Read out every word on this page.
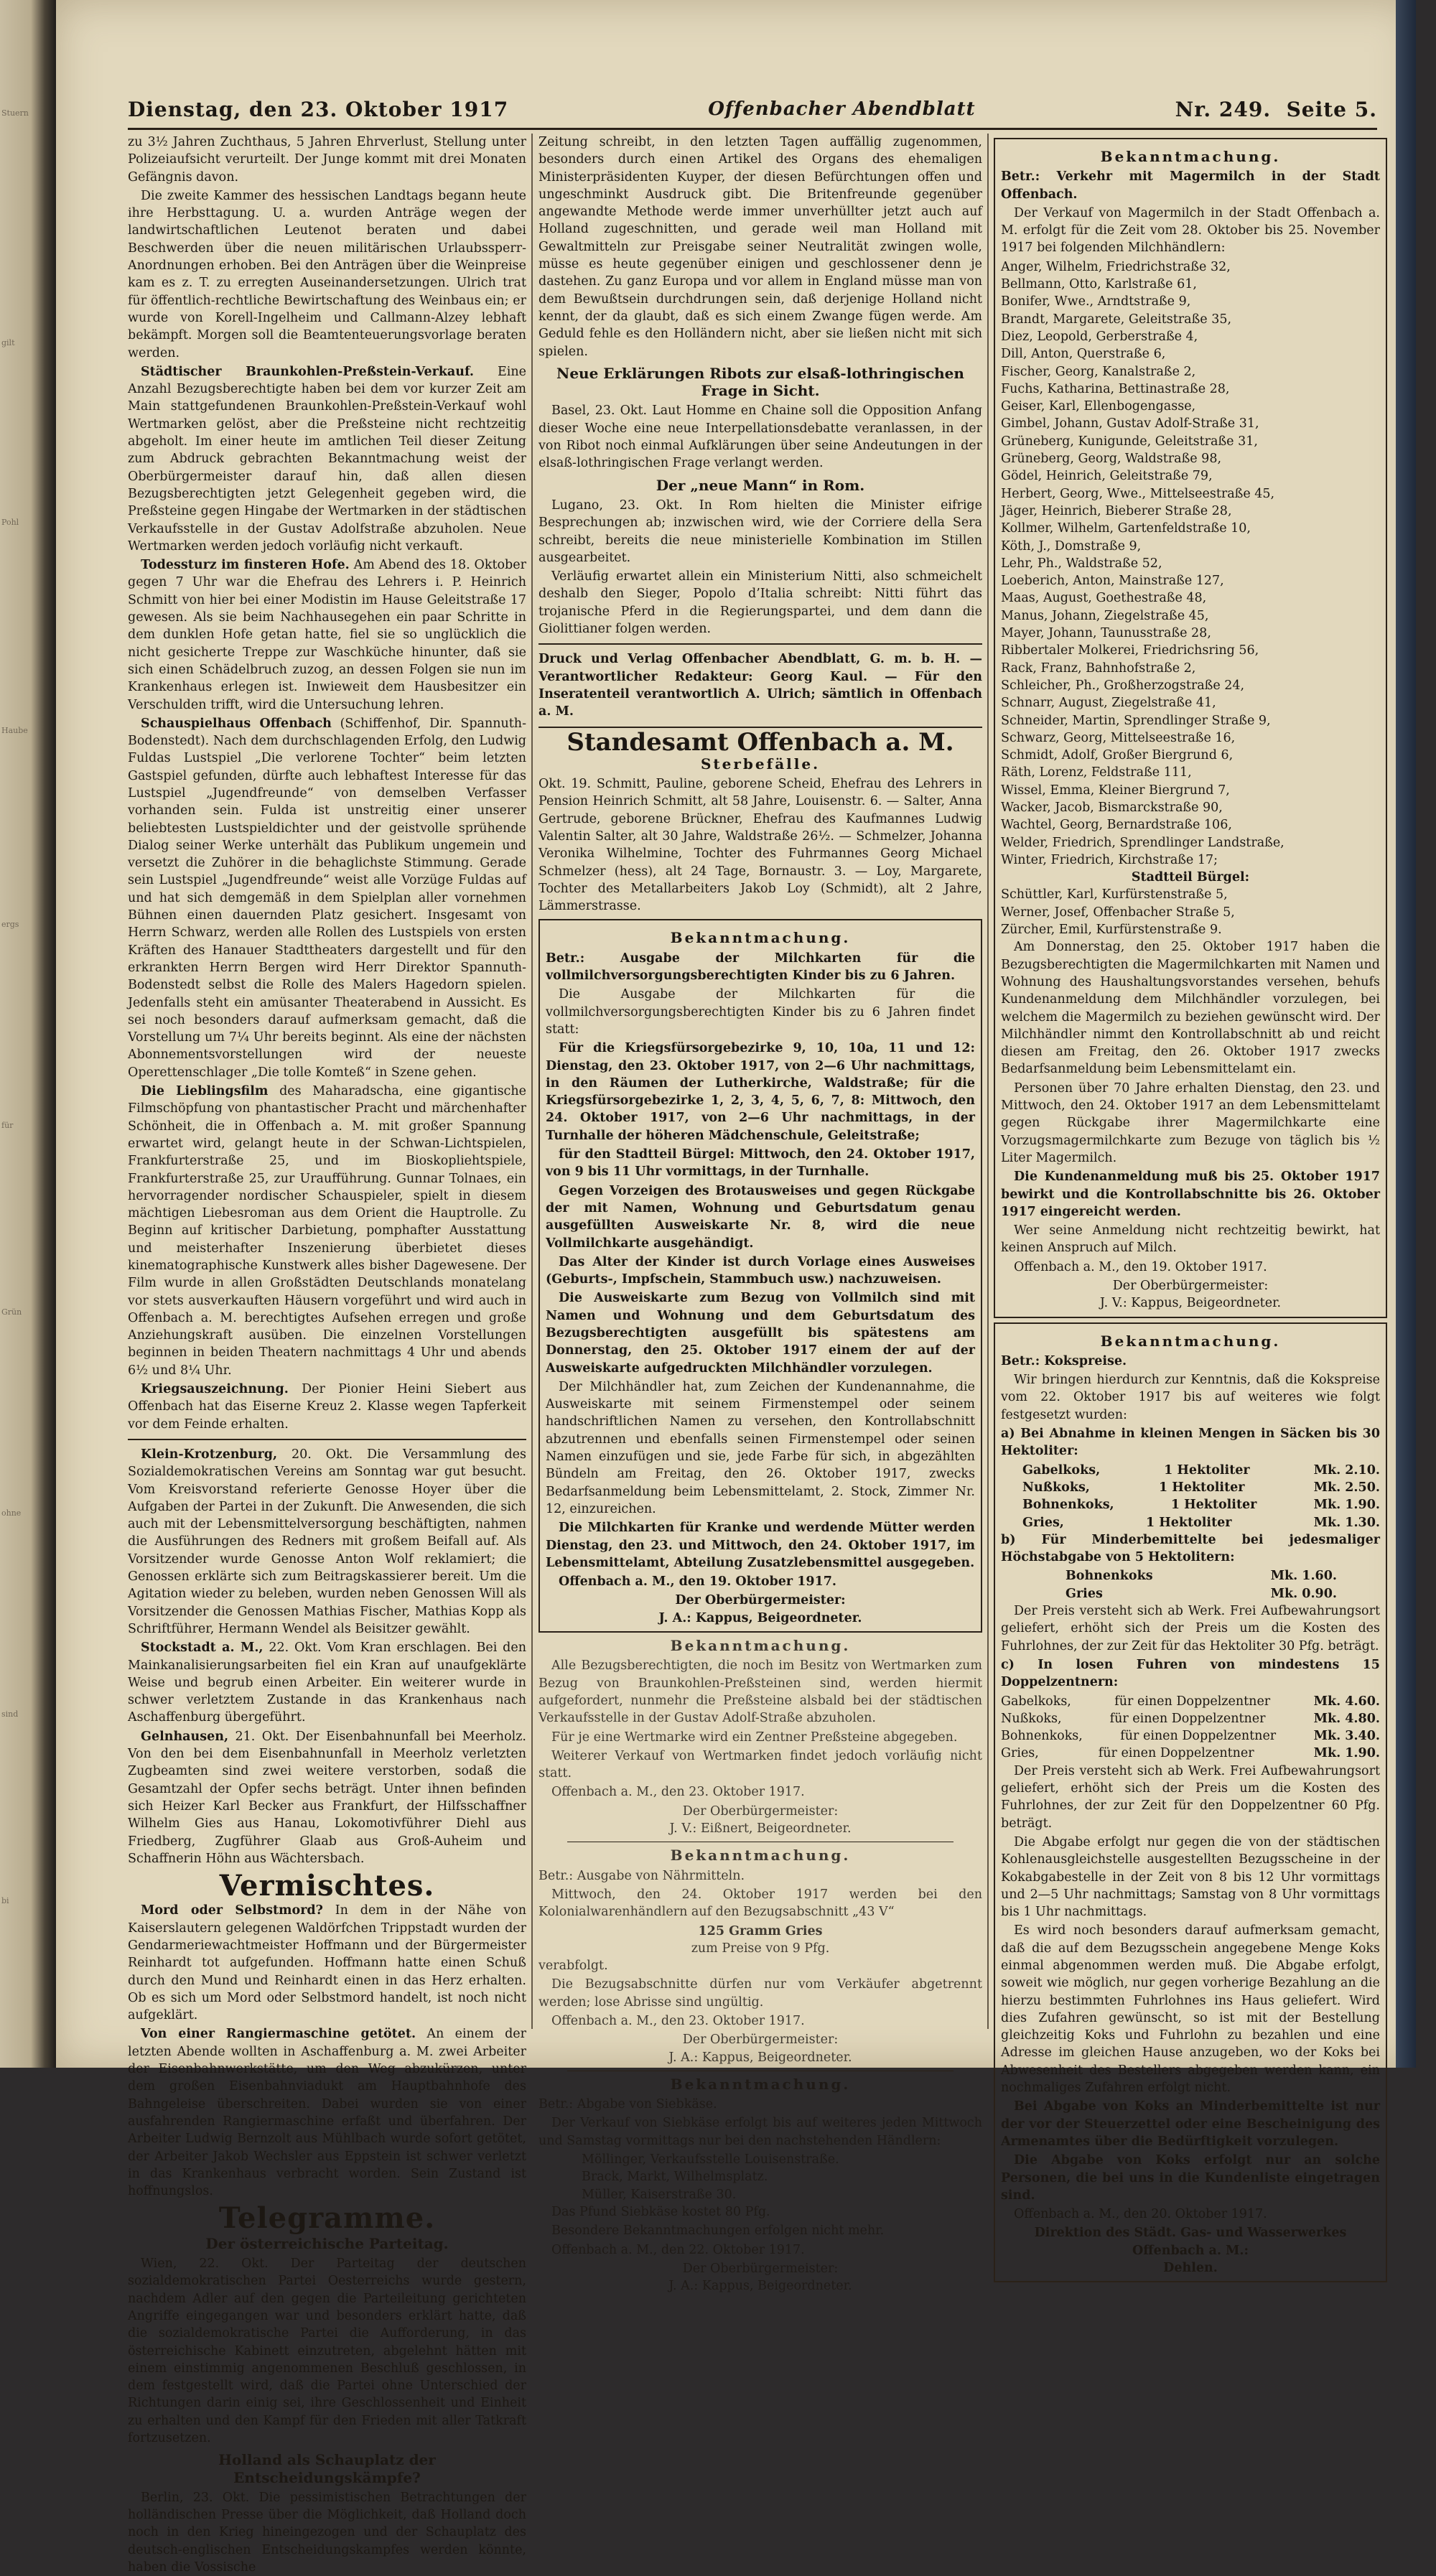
Stuern
gilt
Pohl
Haube
ergs
für
Grün
ohne
sind
bi
Dienstag, den 23. Oktober 1917	Offenbacher Abendblatt	Nr. 249. Seite 5.

zu 3½ Jahren Zuchthaus, 5 Jahren Ehrverlust, Stellung unter Polizeiaufsicht verurteilt. Der Junge kommt mit drei Monaten Gefängnis davon.

Die zweite Kammer des hessischen Landtags begann heute ihre Herbsttagung. U. a. wurden Anträge wegen der landwirtschaftlichen Leutenot beraten und dabei Beschwerden über die neuen militärischen Urlaubssperr-Anordnungen erhoben. Bei den Anträgen über die Weinpreise kam es z. T. zu erregten Auseinandersetzungen. Ulrich trat für öffentlich-rechtliche Bewirtschaftung des Weinbaus ein; er wurde von Korell-Ingelheim und Callmann-Alzey lebhaft bekämpft. Morgen soll die Beamtenteuerungsvorlage beraten werden.

Städtischer Braunkohlen-Preßstein-Verkauf. Eine Anzahl Bezugsberechtigte haben bei dem vor kurzer Zeit am Main stattgefundenen Braunkohlen-Preßstein-Verkauf wohl Wertmarken gelöst, aber die Preßsteine nicht rechtzeitig abgeholt. Im einer heute im amtlichen Teil dieser Zeitung zum Abdruck gebrachten Bekanntmachung weist der Oberbürgermeister darauf hin, daß allen diesen Bezugsberechtigten jetzt Gelegenheit gegeben wird, die Preßsteine gegen Hingabe der Wertmarken in der städtischen Verkaufsstelle in der Gustav Adolfstraße abzuholen. Neue Wertmarken werden jedoch vorläufig nicht verkauft.

Todessturz im finsteren Hofe. Am Abend des 18. Oktober gegen 7 Uhr war die Ehefrau des Lehrers i. P. Heinrich Schmitt von hier bei einer Modistin im Hause Geleitstraße 17 gewesen. Als sie beim Nachhausegehen ein paar Schritte in dem dunklen Hofe getan hatte, fiel sie so unglücklich die nicht gesicherte Treppe zur Waschküche hinunter, daß sie sich einen Schädelbruch zuzog, an dessen Folgen sie nun im Krankenhaus erlegen ist. Inwieweit dem Hausbesitzer ein Verschulden trifft, wird die Untersuchung lehren.

Schauspielhaus Offenbach (Schiffenhof, Dir. Spannuth-Bodenstedt). Nach dem durchschlagenden Erfolg, den Ludwig Fuldas Lustspiel „Die verlorene Tochter“ beim letzten Gastspiel gefunden, dürfte auch lebhaftest Interesse für das Lustspiel „Jugendfreunde“ von demselben Verfasser vorhanden sein. Fulda ist unstreitig einer unserer beliebtesten Lustspieldichter und der geistvolle sprühende Dialog seiner Werke unterhält das Publikum ungemein und versetzt die Zuhörer in die behaglichste Stimmung. Gerade sein Lustspiel „Jugendfreunde“ weist alle Vorzüge Fuldas auf und hat sich demgemäß in dem Spielplan aller vornehmen Bühnen einen dauernden Platz gesichert. Insgesamt von Herrn Schwarz, werden alle Rollen des Lustspiels von ersten Kräften des Hanauer Stadttheaters dargestellt und für den erkrankten Herrn Bergen wird Herr Direktor Spannuth-Bodenstedt selbst die Rolle des Malers Hagedorn spielen. Jedenfalls steht ein amüsanter Theaterabend in Aussicht. Es sei noch besonders darauf aufmerksam gemacht, daß die Vorstellung um 7¼ Uhr bereits beginnt. Als eine der nächsten Abonnementsvorstellungen wird der neueste Operettenschlager „Die tolle Komteß“ in Szene gehen.

Die Lieblingsfilm des Maharadscha, eine gigantische Filmschöpfung von phantastischer Pracht und märchenhafter Schönheit, die in Offenbach a. M. mit großer Spannung erwartet wird, gelangt heute in der Schwan-Lichtspielen, Frankfurterstraße 25, und im Bioskopliehtspiele, Frankfurterstraße 25, zur Uraufführung. Gunnar Tolnaes, ein hervorragender nordischer Schauspieler, spielt in diesem mächtigen Liebesroman aus dem Orient die Hauptrolle. Zu Beginn auf kritischer Darbietung, pomphafter Ausstattung und meisterhafter Inszenierung überbietet dieses kinematographische Kunstwerk alles bisher Dagewesene. Der Film wurde in allen Großstädten Deutschlands monatelang vor stets ausverkauften Häusern vorgeführt und wird auch in Offenbach a. M. berechtigtes Aufsehen erregen und große Anziehungskraft ausüben. Die einzelnen Vorstellungen beginnen in beiden Theatern nachmittags 4 Uhr und abends 6½ und 8¼ Uhr.

Kriegsauszeichnung. Der Pionier Heini Siebert aus Offenbach hat das Eiserne Kreuz 2. Klasse wegen Tapferkeit vor dem Feinde erhalten.

Klein-Krotzenburg, 20. Okt. Die Versammlung des Sozialdemokratischen Vereins am Sonntag war gut besucht. Vom Kreisvorstand referierte Genosse Hoyer über die Aufgaben der Partei in der Zukunft. Die Anwesenden, die sich auch mit der Lebensmittelversorgung beschäftigten, nahmen die Ausführungen des Redners mit großem Beifall auf. Als Vorsitzender wurde Genosse Anton Wolf reklamiert; die Genossen erklärte sich zum Beitragskassierer bereit. Um die Agitation wieder zu beleben, wurden neben Genossen Will als Vorsitzender die Genossen Mathias Fischer, Mathias Kopp als Schriftführer, Hermann Wendel als Beisitzer gewählt.

Stockstadt a. M., 22. Okt. Vom Kran erschlagen. Bei den Mainkanalisierungsarbeiten fiel ein Kran auf unaufgeklärte Weise und begrub einen Arbeiter. Ein weiterer wurde in schwer verletztem Zustande in das Krankenhaus nach Aschaffenburg übergeführt.

Gelnhausen, 21. Okt. Der Eisenbahnunfall bei Meerholz. Von den bei dem Eisenbahnunfall in Meerholz verletzten Zugbeamten sind zwei weitere verstorben, sodaß die Gesamtzahl der Opfer sechs beträgt. Unter ihnen befinden sich Heizer Karl Becker aus Frankfurt, der Hilfsschaffner Wilhelm Gies aus Hanau, Lokomotivführer Diehl aus Friedberg, Zugführer Glaab aus Groß-Auheim und Schaffnerin Höhn aus Wächtersbach.

Vermischtes.

Mord oder Selbstmord? In dem in der Nähe von Kaiserslautern gelegenen Waldörfchen Trippstadt wurden der Gendarmeriewachtmeister Hoffmann und der Bürgermeister Reinhardt tot aufgefunden. Hoffmann hatte einen Schuß durch den Mund und Reinhardt einen in das Herz erhalten. Ob es sich um Mord oder Selbstmord handelt, ist noch nicht aufgeklärt.

Von einer Rangiermaschine getötet. An einem der letzten Abende wollten in Aschaffenburg a. M. zwei Arbeiter der Eisenbahnwerkstätte, um den Weg abzukürzen, unter dem großen Eisenbahnviadukt am Hauptbahnhofe des Bahngeleise überschreiten. Dabei wurden sie von einer ausfahrenden Rangiermaschine erfaßt und überfahren. Der Arbeiter Ludwig Bernzolt aus Mühlbach wurde sofort getötet, der Arbeiter Jakob Wechsler aus Eppstein ist schwer verletzt in das Krankenhaus verbracht worden. Sein Zustand ist hoffnungslos.

Telegramme.
Der österreichische Parteitag.

Wien, 22. Okt. Der Parteitag der deutschen sozialdemokratischen Partei Oesterreichs wurde gestern, nachdem Adler auf den gegen die Parteileitung gerichteten Angriffe eingegangen war und besonders erklärt hatte, daß die sozialdemokratische Partei die Aufforderung, in das österreichische Kabinett einzutreten, abgelehnt hätten mit einem einstimmig angenommenen Beschluß geschlossen, in dem festgestellt wird, daß die Partei ohne Unterschied der Richtungen darin einig sei, ihre Geschlossenheit und Einheit zu erhalten und den Kampf für den Frieden mit aller Tatkraft fortzusetzen.

Holland als Schauplatz der Entscheidungskämpfe?

Berlin, 23. Okt. Die pessimistischen Betrachtungen der holländischen Presse über die Möglichkeit, daß Holland doch noch in den Krieg hineingezogen und der Schauplatz des deutsch-englischen Entscheidungskampfes werden könnte, haben die Vossische

Zeitung schreibt, in den letzten Tagen auffällig zugenommen, besonders durch einen Artikel des Organs des ehemaligen Ministerpräsidenten Kuyper, der diesen Befürchtungen offen und ungeschminkt Ausdruck gibt. Die Britenfreunde gegenüber angewandte Methode werde immer unverhüllter jetzt auch auf Holland zugeschnitten, und gerade weil man Holland mit Gewaltmitteln zur Preisgabe seiner Neutralität zwingen wolle, müsse es heute gegenüber einigen und geschlossener denn je dastehen. Zu ganz Europa und vor allem in England müsse man von dem Bewußtsein durchdrungen sein, daß derjenige Holland nicht kennt, der da glaubt, daß es sich einem Zwange fügen werde. Am Geduld fehle es den Holländern nicht, aber sie ließen nicht mit sich spielen.

Neue Erklärungen Ribots zur elsaß-lothringischen Frage in Sicht.

Basel, 23. Okt. Laut Homme en Chaine soll die Opposition Anfang dieser Woche eine neue Interpellationsdebatte veranlassen, in der von Ribot noch einmal Aufklärungen über seine Andeutungen in der elsaß-lothringischen Frage verlangt werden.

Der „neue Mann“ in Rom.

Lugano, 23. Okt. In Rom hielten die Minister eifrige Besprechungen ab; inzwischen wird, wie der Corriere della Sera schreibt, bereits die neue ministerielle Kombination im Stillen ausgearbeitet.

Verläufig erwartet allein ein Ministerium Nitti, also schmeichelt deshalb den Sieger, Popolo d’Italia schreibt: Nitti führt das trojanische Pferd in die Regierungspartei, und dem dann die Giolittianer folgen werden.

Druck und Verlag Offenbacher Abendblatt, G. m. b. H. — Verantwortlicher Redakteur: Georg Kaul. — Für den Inseratenteil verantwortlich A. Ulrich; sämtlich in Offenbach a. M.

Standesamt Offenbach a. M.
Sterbefälle.

Okt. 19. Schmitt, Pauline, geborene Scheid, Ehefrau des Lehrers in Pension Heinrich Schmitt, alt 58 Jahre, Louisenstr. 6. — Salter, Anna Gertrude, geborene Brückner, Ehefrau des Kaufmannes Ludwig Valentin Salter, alt 30 Jahre, Waldstraße 26½. — Schmelzer, Johanna Veronika Wilhelmine, Tochter des Fuhrmannes Georg Michael Schmelzer (hess), alt 24 Tage, Bornaustr. 3. — Loy, Margarete, Tochter des Metallarbeiters Jakob Loy (Schmidt), alt 2 Jahre, Lämmerstrasse.

Bekanntmachung.

Betr.: Ausgabe der Milchkarten für die vollmilchversorgungsberechtigten Kinder bis zu 6 Jahren.

Die Ausgabe der Milchkarten für die vollmilchversorgungsberechtigten Kinder bis zu 6 Jahren findet statt:

Für die Kriegsfürsorgebezirke 9, 10, 10a, 11 und 12: Dienstag, den 23. Oktober 1917, von 2—6 Uhr nachmittags, in den Räumen der Lutherkirche, Waldstraße; für die Kriegsfürsorgebezirke 1, 2, 3, 4, 5, 6, 7, 8: Mittwoch, den 24. Oktober 1917, von 2—6 Uhr nachmittags, in der Turnhalle der höheren Mädchenschule, Geleitstraße;

für den Stadtteil Bürgel: Mittwoch, den 24. Oktober 1917, von 9 bis 11 Uhr vormittags, in der Turnhalle.

Gegen Vorzeigen des Brotausweises und gegen Rückgabe der mit Namen, Wohnung und Geburtsdatum genau ausgefüllten Ausweiskarte Nr. 8, wird die neue Vollmilchkarte ausgehändigt.

Das Alter der Kinder ist durch Vorlage eines Ausweises (Geburts-, Impfschein, Stammbuch usw.) nachzuweisen.

Die Ausweiskarte zum Bezug von Vollmilch sind mit Namen und Wohnung und dem Geburtsdatum des Bezugsberechtigten ausgefüllt bis spätestens am Donnerstag, den 25. Oktober 1917 einem der auf der Ausweiskarte aufgedruckten Milchhändler vorzulegen.

Der Milchhändler hat, zum Zeichen der Kundenannahme, die Ausweiskarte mit seinem Firmenstempel oder seinem handschriftlichen Namen zu versehen, den Kontrollabschnitt abzutrennen und ebenfalls seinen Firmenstempel oder seinen Namen einzufügen und sie, jede Farbe für sich, in abgezählten Bündeln am Freitag, den 26. Oktober 1917, zwecks Bedarfsanmeldung beim Lebensmittelamt, 2. Stock, Zimmer Nr. 12, einzureichen.

Die Milchkarten für Kranke und werdende Mütter werden Dienstag, den 23. und Mittwoch, den 24. Oktober 1917, im Lebensmittelamt, Abteilung Zusatzlebensmittel ausgegeben.

Offenbach a. M., den 19. Oktober 1917.

Der Oberbürgermeister:
J. A.: Kappus, Beigeordneter.
Bekanntmachung.

Alle Bezugsberechtigten, die noch im Besitz von Wertmarken zum Bezug von Braunkohlen-Preßsteinen sind, werden hiermit aufgefordert, nunmehr die Preßsteine alsbald bei der städtischen Verkaufsstelle in der Gustav Adolf-Straße abzuholen.

Für je eine Wertmarke wird ein Zentner Preßsteine abgegeben.

Weiterer Verkauf von Wertmarken findet jedoch vorläufig nicht statt.

Offenbach a. M., den 23. Oktober 1917.

Der Oberbürgermeister:
J. V.: Eißnert, Beigeordneter.
Bekanntmachung.

Betr.: Ausgabe von Nährmitteln.

Mittwoch, den 24. Oktober 1917 werden bei den Kolonialwarenhändlern auf den Bezugsabschnitt „43 V“

125 Gramm Gries
zum Preise von 9 Pfg.

verabfolgt.

Die Bezugsabschnitte dürfen nur vom Verkäufer abgetrennt werden; lose Abrisse sind ungültig.

Offenbach a. M., den 23. Oktober 1917.

Der Oberbürgermeister:
J. A.: Kappus, Beigeordneter.
Bekanntmachung.

Betr.: Abgabe von Siebkäse.

Der Verkauf von Siebkäse erfolgt bis auf weiteres jeden Mittwoch und Samstag vormittags nur bei den nachstehenden Händlern:

Möllinger, Verkaufsstelle Louisenstraße.
Brack, Markt, Wilhelmsplatz.
Müller, Kaiserstraße 30.

Das Pfund Siebkäse kostet 80 Pfg.

Besondere Bekanntmachungen erfolgen nicht mehr.

Offenbach a. M., den 22. Oktober 1917.

Der Oberbürgermeister:
J. A.: Kappus, Beigeordneter.
Bekanntmachung.

Betr.: Verkehr mit Magermilch in der Stadt Offenbach.

Der Verkauf von Magermilch in der Stadt Offenbach a. M. erfolgt für die Zeit vom 28. Oktober bis 25. November 1917 bei folgenden Milchhändlern:

Anger, Wilhelm, Friedrichstraße 32,
Bellmann, Otto, Karlstraße 61,
Bonifer, Wwe., Arndtstraße 9,
Brandt, Margarete, Geleitstraße 35,
Diez, Leopold, Gerberstraße 4,
Dill, Anton, Querstraße 6,
Fischer, Georg, Kanalstraße 2,
Fuchs, Katharina, Bettinastraße 28,
Geiser, Karl, Ellenbogengasse,
Gimbel, Johann, Gustav Adolf-Straße 31,
Grüneberg, Kunigunde, Geleitstraße 31,
Grüneberg, Georg, Waldstraße 98,
Gödel, Heinrich, Geleitstraße 79,
Herbert, Georg, Wwe., Mittelseestraße 45,
Jäger, Heinrich, Bieberer Straße 28,
Kollmer, Wilhelm, Gartenfeldstraße 10,
Köth, J., Domstraße 9,
Lehr, Ph., Waldstraße 52,
Loeberich, Anton, Mainstraße 127,
Maas, August, Goethestraße 48,
Manus, Johann, Ziegelstraße 45,
Mayer, Johann, Taunusstraße 28,
Ribbertaler Molkerei, Friedrichsring 56,
Rack, Franz, Bahnhofstraße 2,
Schleicher, Ph., Großherzogstraße 24,
Schnarr, August, Ziegelstraße 41,
Schneider, Martin, Sprendlinger Straße 9,
Schwarz, Georg, Mittelseestraße 16,
Schmidt, Adolf, Großer Biergrund 6,
Räth, Lorenz, Feldstraße 111,
Wissel, Emma, Kleiner Biergrund 7,
Wacker, Jacob, Bismarckstraße 90,
Wachtel, Georg, Bernardstraße 106,
Welder, Friedrich, Sprendlinger Landstraße,
Winter, Friedrich, Kirchstraße 17;
Stadtteil Bürgel:
Schüttler, Karl, Kurfürstenstraße 5,
Werner, Josef, Offenbacher Straße 5,
Zürcher, Emil, Kurfürstenstraße 9.

Am Donnerstag, den 25. Oktober 1917 haben die Bezugsberechtigten die Magermilchkarten mit Namen und Wohnung des Haushaltungsvorstandes versehen, behufs Kundenanmeldung dem Milchhändler vorzulegen, bei welchem die Magermilch zu beziehen gewünscht wird. Der Milchhändler nimmt den Kontrollabschnitt ab und reicht diesen am Freitag, den 26. Oktober 1917 zwecks Bedarfsanmeldung beim Lebensmittelamt ein.

Personen über 70 Jahre erhalten Dienstag, den 23. und Mittwoch, den 24. Oktober 1917 an dem Lebensmittelamt gegen Rückgabe ihrer Magermilchkarte eine Vorzugsmagermilchkarte zum Bezuge von täglich bis ½ Liter Magermilch.

Die Kundenanmeldung muß bis 25. Oktober 1917 bewirkt und die Kontrollabschnitte bis 26. Oktober 1917 eingereicht werden.

Wer seine Anmeldung nicht rechtzeitig bewirkt, hat keinen Anspruch auf Milch.

Offenbach a. M., den 19. Oktober 1917.

Der Oberbürgermeister:
J. V.: Kappus, Beigeordneter.
Bekanntmachung.

Betr.: Kokspreise.

Wir bringen hierdurch zur Kenntnis, daß die Kokspreise vom 22. Oktober 1917 bis auf weiteres wie folgt festgesetzt wurden:

a) Bei Abnahme in kleinen Mengen in Säcken bis 30 Hektoliter:

Gabelkoks,	1 Hektoliter	Mk. 2.10.
Nußkoks,	1 Hektoliter	Mk. 2.50.
Bohnenkoks,	1 Hektoliter	Mk. 1.90.
Gries,	1 Hektoliter	Mk. 1.30.

b) Für Minderbemittelte bei jedesmaliger Höchstabgabe von 5 Hektolitern:

Bohnenkoks	Mk. 1.60.
Gries	Mk. 0.90.

Der Preis versteht sich ab Werk. Frei Aufbewahrungsort geliefert, erhöht sich der Preis um die Kosten des Fuhrlohnes, der zur Zeit für das Hektoliter 30 Pfg. beträgt.

c) In losen Fuhren von mindestens 15 Doppelzentnern:

Gabelkoks,	für einen Doppelzentner	Mk. 4.60.
Nußkoks,	für einen Doppelzentner	Mk. 4.80.
Bohnenkoks,	für einen Doppelzentner	Mk. 3.40.
Gries,	für einen Doppelzentner	Mk. 1.90.

Der Preis versteht sich ab Werk. Frei Aufbewahrungsort geliefert, erhöht sich der Preis um die Kosten des Fuhrlohnes, der zur Zeit für den Doppelzentner 60 Pfg. beträgt.

Die Abgabe erfolgt nur gegen die von der städtischen Kohlenausgleichstelle ausgestellten Bezugsscheine in der Kokabgabestelle in der Zeit von 8 bis 12 Uhr vormittags und 2—5 Uhr nachmittags; Samstag von 8 Uhr vormittags bis 1 Uhr nachmittags.

Es wird noch besonders darauf aufmerksam gemacht, daß die auf dem Bezugsschein angegebene Menge Koks einmal abgenommen werden muß. Die Abgabe erfolgt, soweit wie möglich, nur gegen vorherige Bezahlung an die hierzu bestimmten Fuhrlohnes ins Haus geliefert. Wird dies Zufahren gewünscht, so ist mit der Bestellung gleichzeitig Koks und Fuhrlohn zu bezahlen und eine Adresse im gleichen Hause anzugeben, wo der Koks bei Abwesenheit des Bestellers abgegeben werden kann, ein nochmaliges Zufahren erfolgt nicht.

Bei Abgabe von Koks an Minderbemittelte ist nur der vor der Steuerzettel oder eine Bescheinigung des Armenamtes über die Bedürftigkeit vorzulegen.

Die Abgabe von Koks erfolgt nur an solche Personen, die bei uns in die Kundenliste eingetragen sind.

Offenbach a. M., den 20. Oktober 1917.

Direktion des Städt. Gas- und Wasserwerkes
Offenbach a. M.:
Dehlen.
